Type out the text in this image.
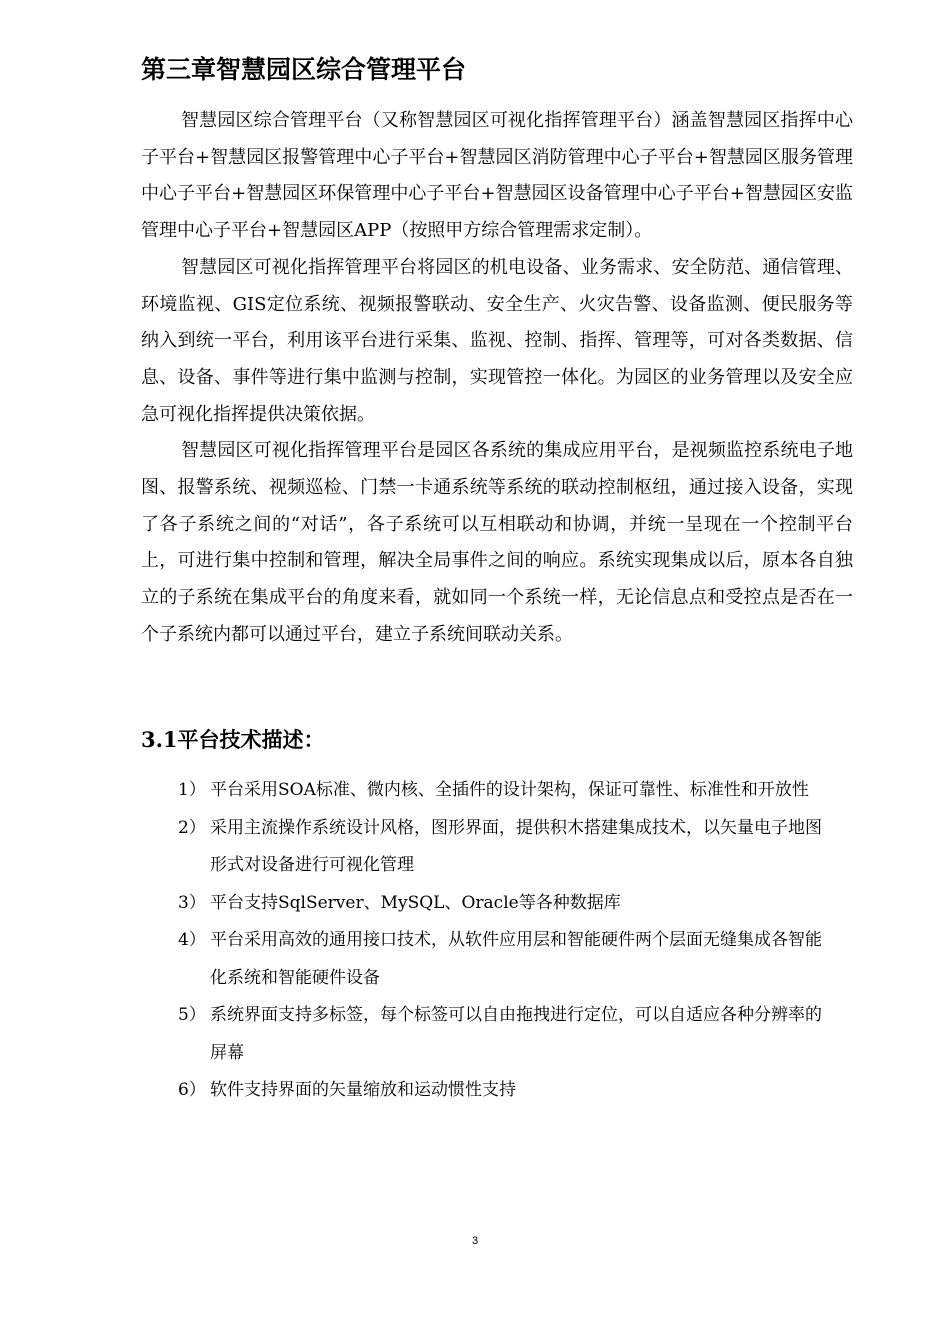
第三章智慧园区综合管理平台

智慧园区综合管理平台（又称智慧园区可视化指挥管理平台）涵盖智慧园区指挥中心子平台+智慧园区报警管理中心子平台+智慧园区消防管理中心子平台+智慧园区服务管理中心子平台+智慧园区环保管理中心子平台+智慧园区设备管理中心子平台+智慧园区安监管理中心子平台+智慧园区APP（按照甲方综合管理需求定制）。

智慧园区可视化指挥管理平台将园区的机电设备、业务需求、安全防范、通信管理、环境监视、GIS定位系统、视频报警联动、安全生产、火灾告警、设备监测、便民服务等纳入到统一平台，利用该平台进行采集、监视、控制、指挥、管理等，可对各类数据、信息、设备、事件等进行集中监测与控制，实现管控一体化。为园区的业务管理以及安全应急可视化指挥提供决策依据。

智慧园区可视化指挥管理平台是园区各系统的集成应用平台，是视频监控系统电子地图、报警系统、视频巡检、门禁一卡通系统等系统的联动控制枢纽，通过接入设备，实现了各子系统之间的“对话”，各子系统可以互相联动和协调，并统一呈现在一个控制平台上，可进行集中控制和管理，解决全局事件之间的响应。系统实现集成以后，原本各自独立的子系统在集成平台的角度来看，就如同一个系统一样，无论信息点和受控点是否在一个子系统内都可以通过平台，建立子系统间联动关系。

3.1平台技术描述：
1） 平台采用SOA标准、微内核、全插件的设计架构，保证可靠性、标准性和开放性
2） 采用主流操作系统设计风格，图形界面，提供积木搭建集成技术，以矢量电子地图形式对设备进行可视化管理
3） 平台支持SqlServer、MySQL、Oracle等各种数据库
4） 平台采用高效的通用接口技术，从软件应用层和智能硬件两个层面无缝集成各智能化系统和智能硬件设备
5） 系统界面支持多标签，每个标签可以自由拖拽进行定位，可以自适应各种分辨率的屏幕
6） 软件支持界面的矢量缩放和运动惯性支持
3
